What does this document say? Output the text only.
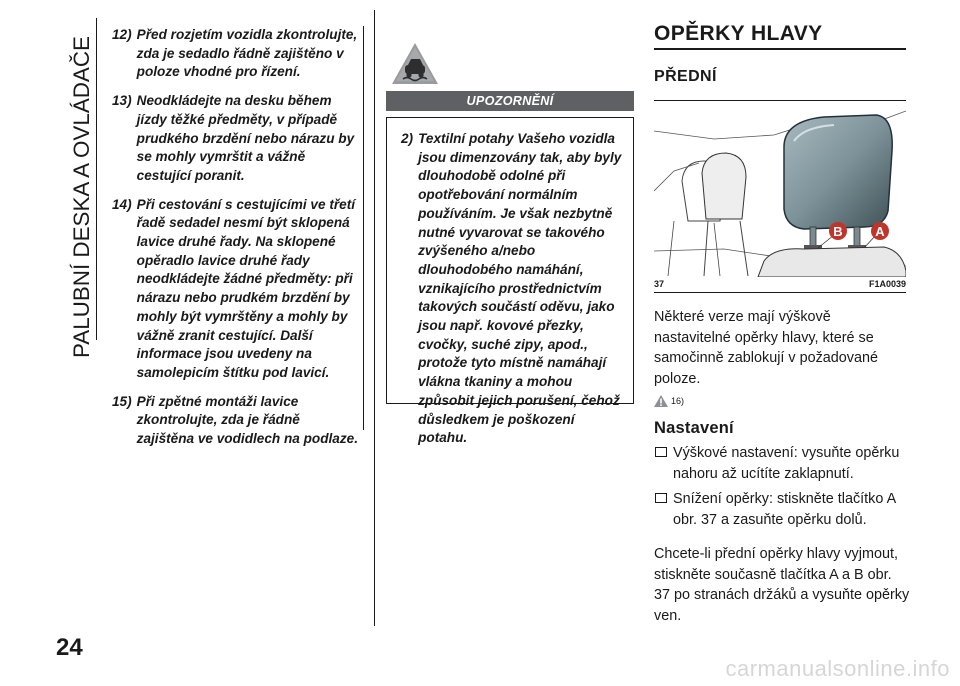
PALUBNÍ DESKA A OVLÁDAČE
12) Před rozjetím vozidla zkontrolujte, zda je sedadlo řádně zajištěno v poloze vhodné pro řízení.
13) Neodkládejte na desku během jízdy těžké předměty, v případě prudkého brzdění nebo nárazu by se mohly vymrštit a vážně cestující poranit.
14) Při cestování s cestujícími ve třetí řadě sedadel nesmí být sklopená lavice druhé řady. Na sklopené opěradlo lavice druhé řady neodkládejte žádné předměty: při nárazu nebo prudkém brzdění by mohly být vymrštěny a mohly by vážně zranit cestující. Další informace jsou uvedeny na samolepicím štítku pod lavicí.
15) Při zpětné montáži lavice zkontrolujte, zda je řádně zajištěna ve vodidlech na podlaze.
UPOZORNĚNÍ
2) Textilní potahy Vašeho vozidla jsou dimenzovány tak, aby byly dlouhodobě odolné při opotřebování normálním používáním. Je však nezbytně nutné vyvarovat se takového zvýšeného a/nebo dlouhodobého namáhání, vznikajícího prostřednictvím takových součástí oděvu, jako jsou např. kovové přezky, cvočky, suché zipy, apod., protože tyto místně namáhají vlákna tkaniny a mohou způsobit jejich porušení, čehož důsledkem je poškození potahu.
OPĚRKY HLAVY
PŘEDNÍ
B	A
37	F1A0039

Některé verze mají výškově nastavitelné opěrky hlavy, které se samočinně zablokují v požadované poloze.

16)
Nastavení
Výškové nastavení: vysuňte opěrku nahoru až ucítíte zaklapnutí.
Snížení opěrky: stiskněte tlačítko A obr. 37 a zasuňte opěrku dolů.

Chcete-li přední opěrky hlavy vyjmout, stiskněte současně tlačítka A a B obr. 37 po stranách držáků a vysuňte opěrky ven.

24
carmanualsonline.info
